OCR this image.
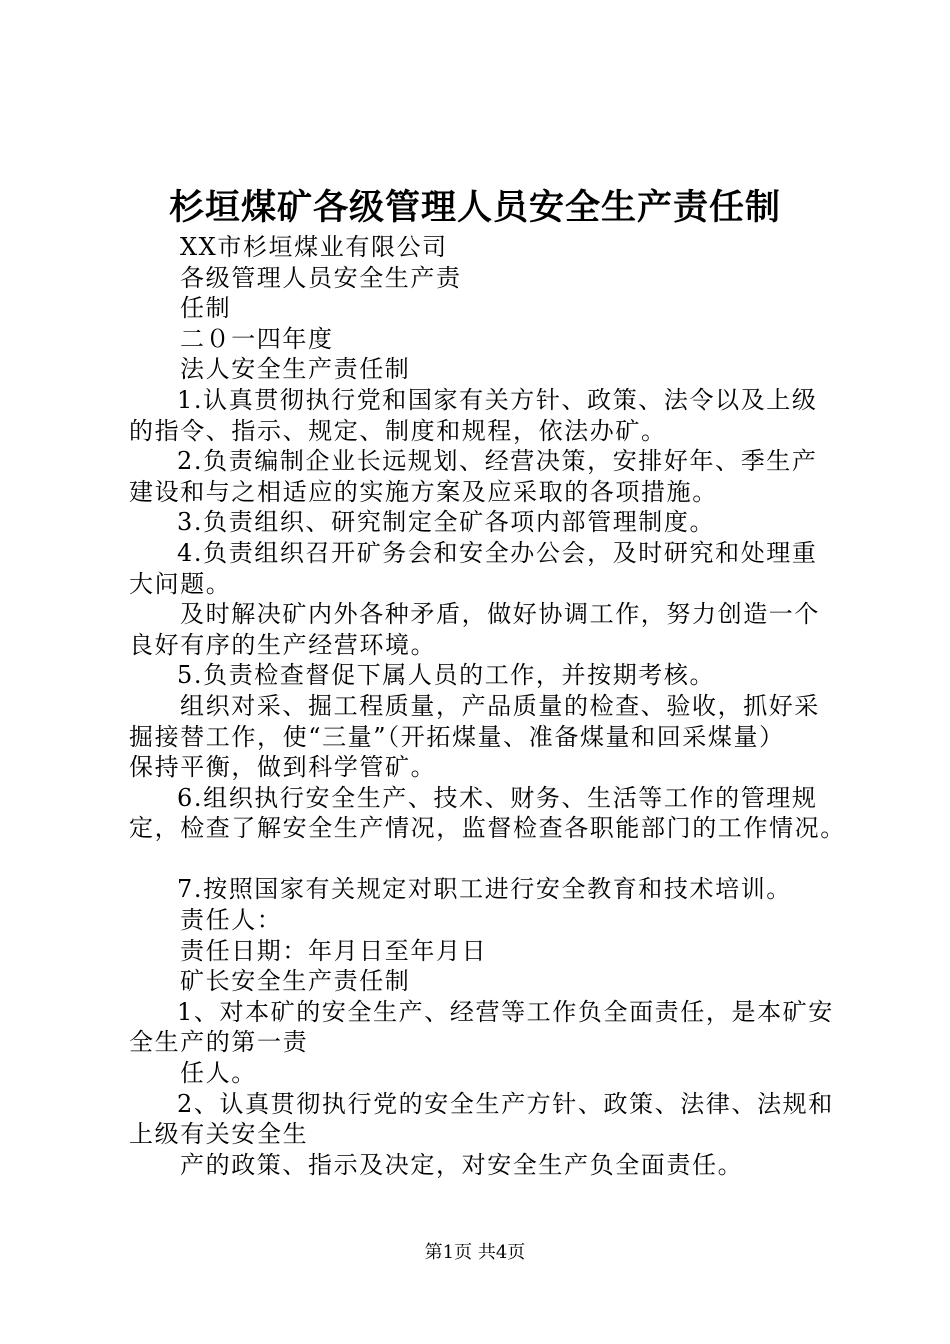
杉垣煤矿各级管理人员安全生产责任制
XX市杉垣煤业有限公司
各级管理人员安全生产责
任制
二０一四年度
法人安全生产责任制
1.认真贯彻执行党和国家有关方针、政策、法令以及上级
的指令、指示、规定、制度和规程，依法办矿。
2.负责编制企业长远规划、经营决策，安排好年、季生产
建设和与之相适应的实施方案及应采取的各项措施。
3.负责组织、研究制定全矿各项内部管理制度。
4.负责组织召开矿务会和安全办公会，及时研究和处理重
大问题。
及时解决矿内外各种矛盾，做好协调工作，努力创造一个
良好有序的生产经营环境。
5.负责检查督促下属人员的工作，并按期考核。
组织对采、掘工程质量，产品质量的检查、验收，抓好采
掘接替工作，使“三量”（开拓煤量、准备煤量和回采煤量）
保持平衡，做到科学管矿。
6.组织执行安全生产、技术、财务、生活等工作的管理规
定，检查了解安全生产情况，监督检查各职能部门的工作情况。
7.按照国家有关规定对职工进行安全教育和技术培训。
责任人：
责任日期：年月日至年月日
矿长安全生产责任制
1、对本矿的安全生产、经营等工作负全面责任，是本矿安
全生产的第一责
任人。
2、认真贯彻执行党的安全生产方针、政策、法律、法规和
上级有关安全生
产的政策、指示及决定，对安全生产负全面责任。
第1页 共4页
